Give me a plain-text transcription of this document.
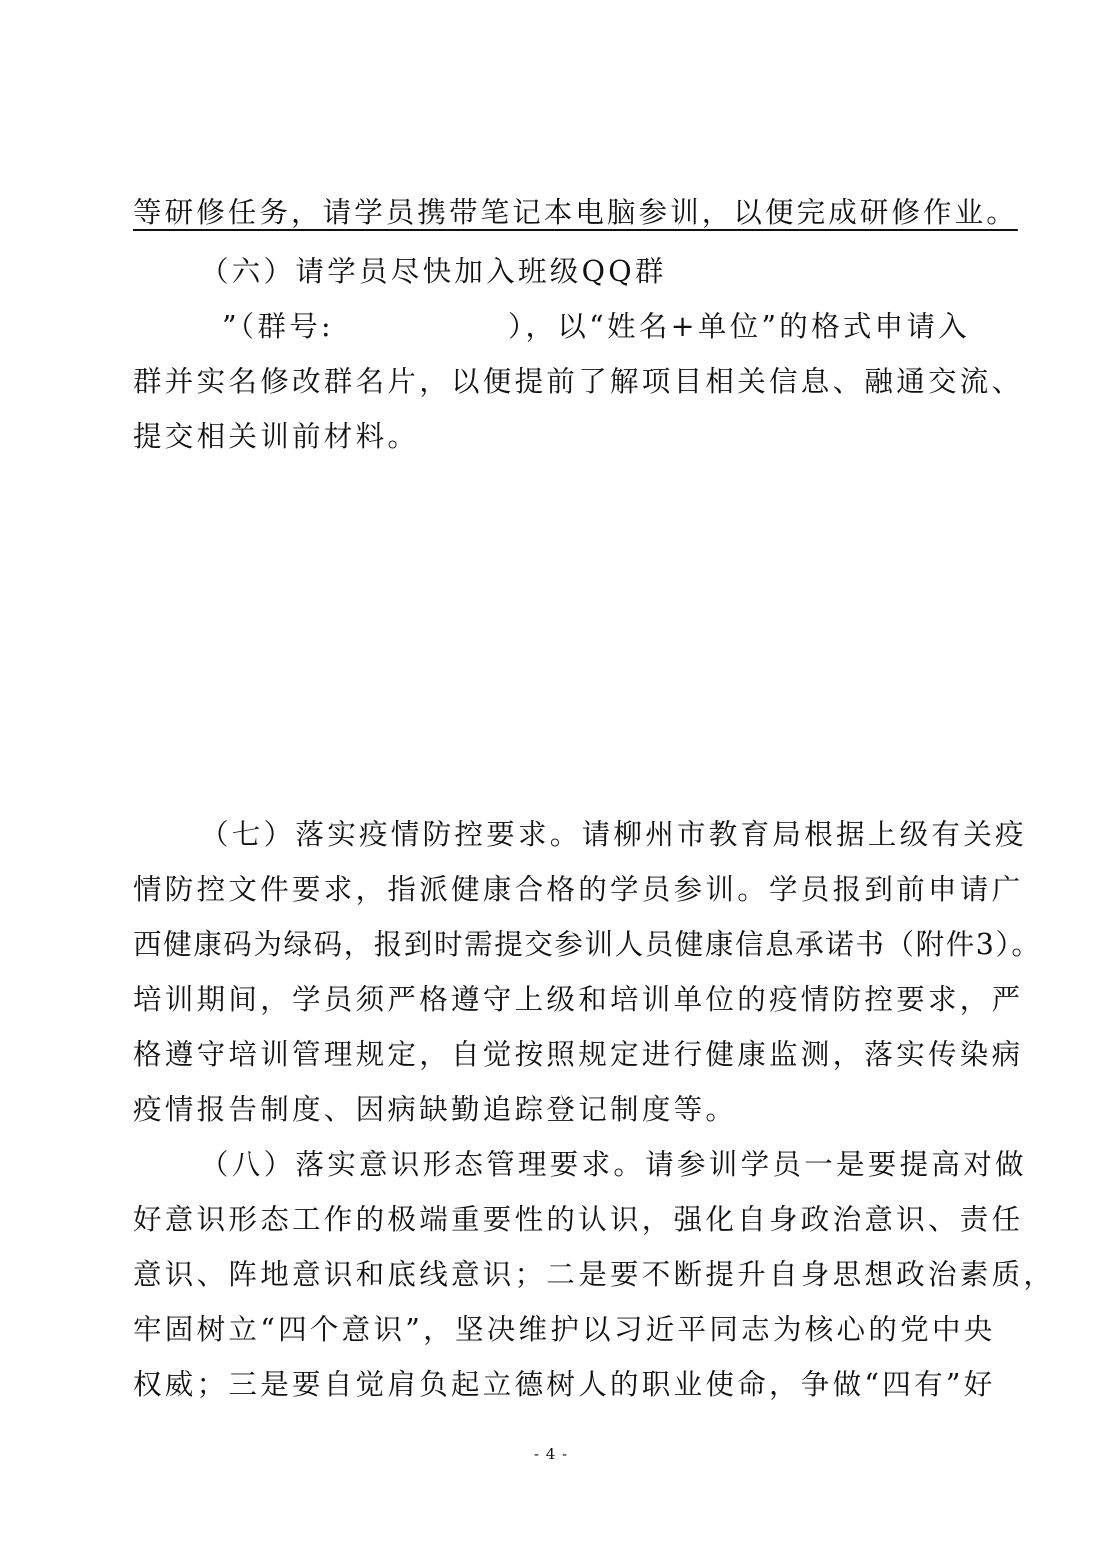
等研修任务，请学员携带笔记本电脑参训，以便完成研修作业。
（六）请学员尽快加入班级QQ群
”（群号:	），以“姓名+单位”的格式申请入
群并实名修改群名片，以便提前了解项目相关信息、融通交流、
提交相关训前材料。
（七）落实疫情防控要求。请柳州市教育局根据上级有关疫
情防控文件要求，指派健康合格的学员参训。学员报到前申请广
西健康码为绿码，报到时需提交参训人员健康信息承诺书（附件3）。
培训期间，学员须严格遵守上级和培训单位的疫情防控要求，严
格遵守培训管理规定，自觉按照规定进行健康监测，落实传染病
疫情报告制度、因病缺勤追踪登记制度等。
（八）落实意识形态管理要求。请参训学员一是要提高对做
好意识形态工作的极端重要性的认识，强化自身政治意识、责任
意识、阵地意识和底线意识；二是要不断提升自身思想政治素质，
牢固树立“四个意识”，坚决维护以习近平同志为核心的党中央
权威；三是要自觉肩负起立德树人的职业使命，争做“四有”好
- 4 -
